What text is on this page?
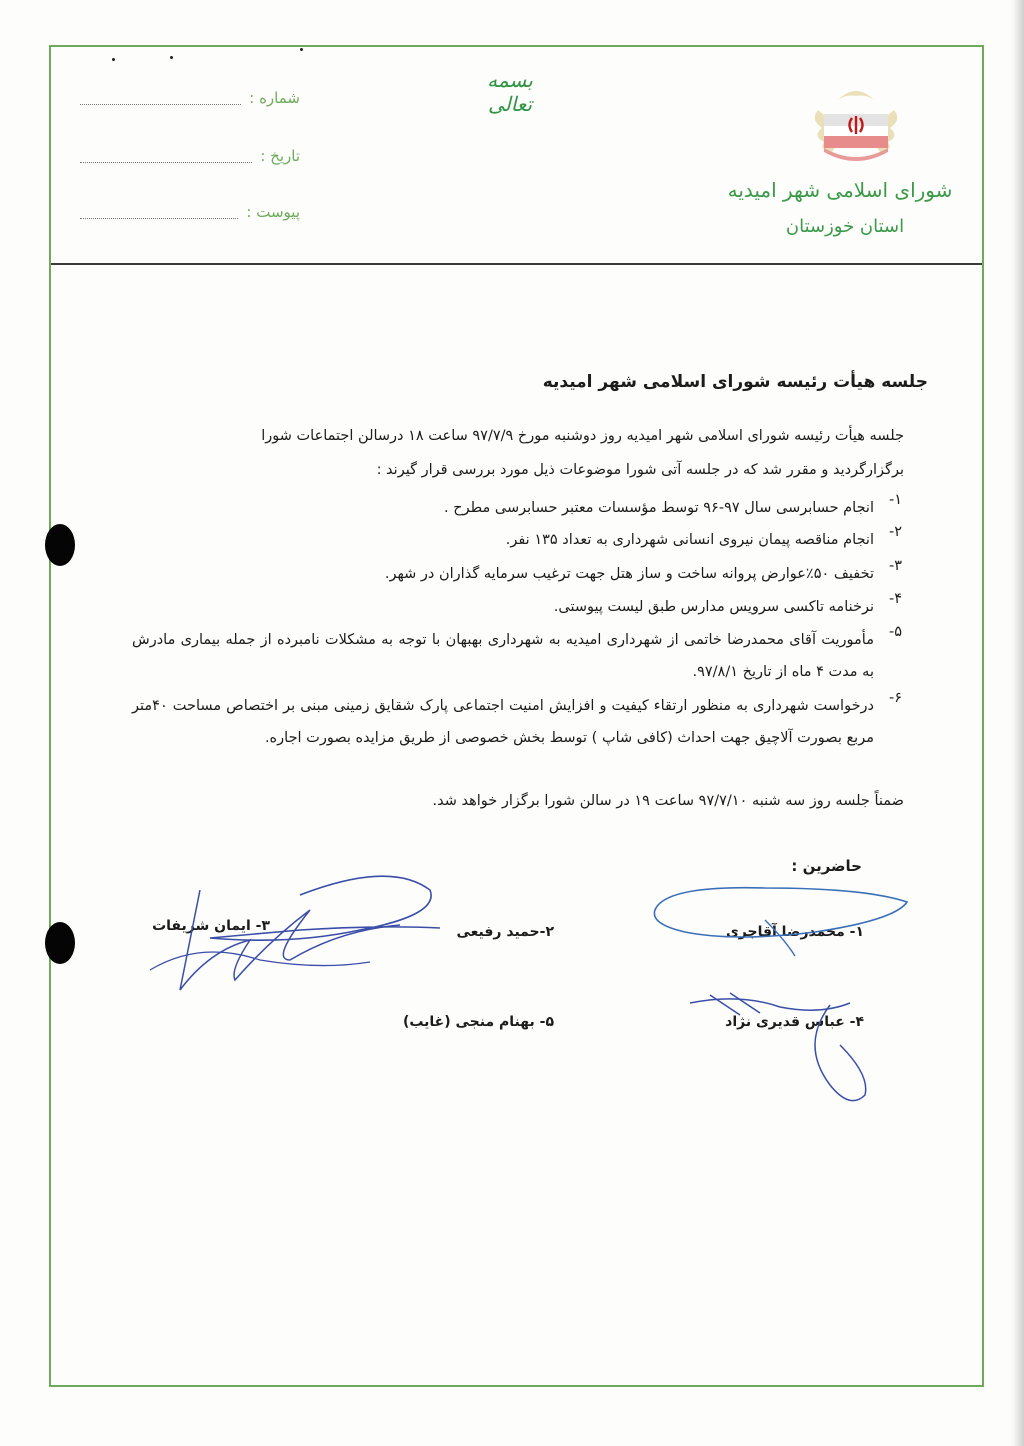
بسمه تعالی
شماره :
تاریخ :
پیوست :
شورای اسلامی شهر امیدیه
استان خوزستان
جلسه هیأت رئیسه شورای اسلامی شهر امیدیه
جلسه هیأت رئیسه شورای اسلامی شهر امیدیه روز دوشنبه مورخ ۹۷/۷/۹ ساعت ۱۸ درسالن اجتماعات شورا
برگزارگردید و مقرر شد که در جلسه آتی شورا موضوعات ذیل مورد بررسی قرار گیرند :
۱-
انجام حسابرسی سال ۹۷-۹۶ توسط مؤسسات معتبر حسابرسی مطرح .
۲-
انجام مناقصه پیمان نیروی انسانی شهرداری به تعداد ۱۳۵ نفر.
۳-
تخفیف ۵۰٪عوارض پروانه ساخت و ساز هتل جهت ترغیب سرمایه گذاران در شهر.
۴-
نرخنامه تاکسی سرویس مدارس طبق لیست پیوستی.
۵-
مأموریت آقای محمدرضا خاتمی از شهرداری امیدیه به شهرداری بهبهان با توجه به مشکلات نامبرده از جمله بیماری مادرش به مدت ۴ ماه از تاریخ ۹۷/۸/۱.
۶-
درخواست شهرداری به منظور ارتقاء کیفیت و افزایش امنیت اجتماعی پارک شقایق زمینی مبنی بر اختصاص مساحت ۴۰متر مربع بصورت آلاچیق جهت احداث (کافی شاپ ) توسط بخش خصوصی از طریق مزایده بصورت اجاره.
ضمناً جلسه روز سه شنبه ۹۷/۷/۱۰ ساعت ۱۹ در سالن شورا برگزار خواهد شد.
حاضرین :
۱- محمدرضا آقاجری
۲-حمید رفیعی
۳- ایمان شریفات
۴- عباس قدیری نژاد
۵- بهنام منجی (غایب)
